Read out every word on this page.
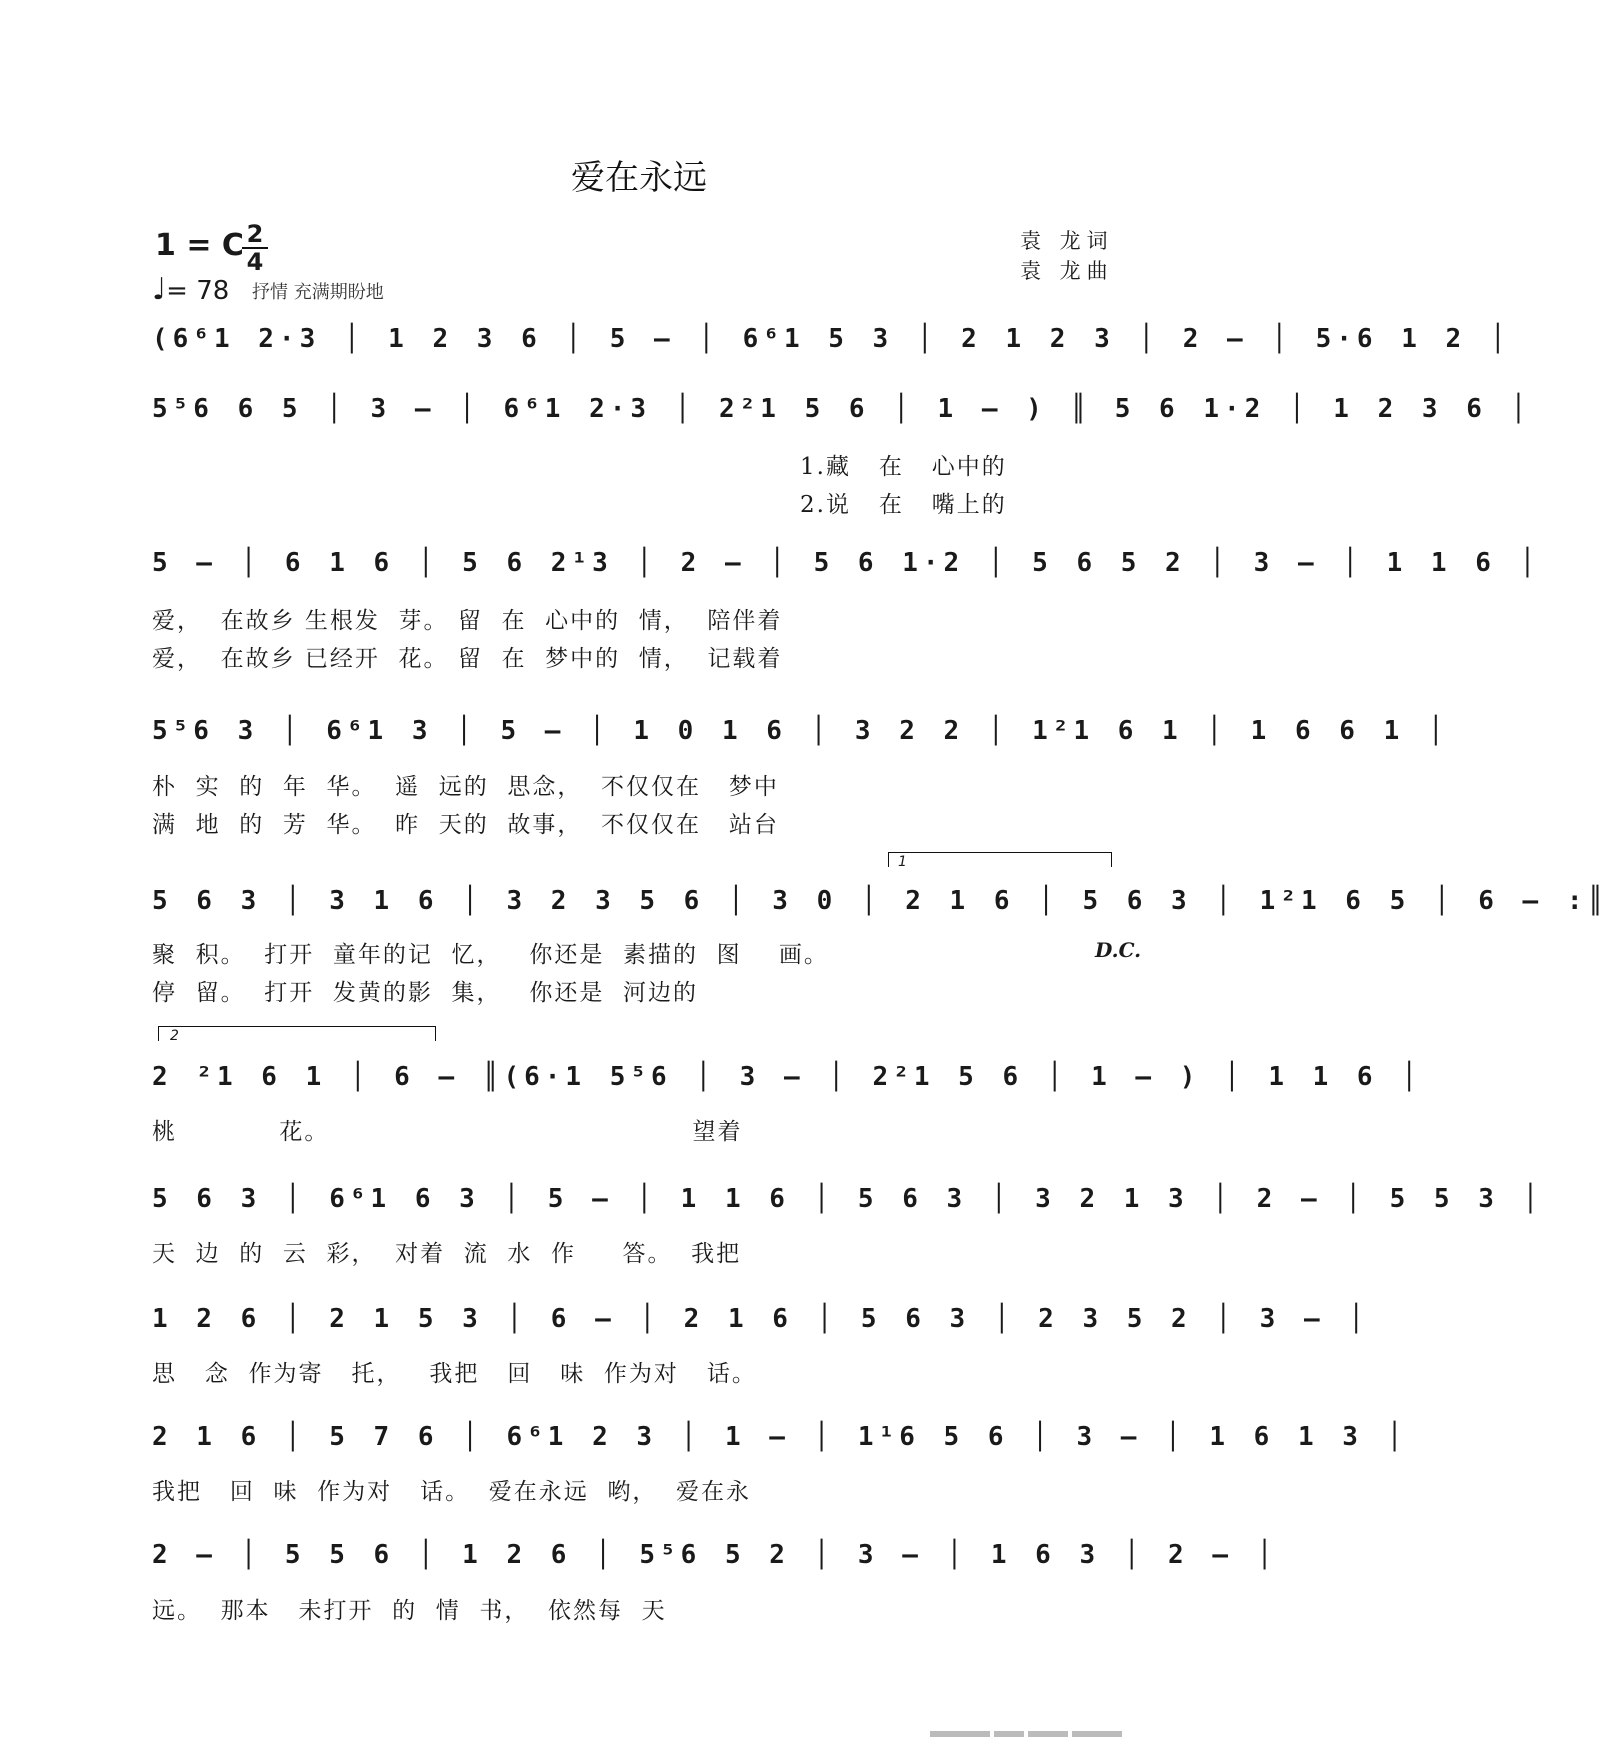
爱在永远
1 = C 2
4
♩= 78 抒情 充满期盼地
袁 龙词
袁 龙曲
(6⁶1 2·3 │ 1 2 3 6 │ 5 – │ 6⁶1 5 3 │ 2 1 2 3 │ 2 – │ 5·6 1 2 │
5⁵6 6 5 │ 3 – │ 6⁶1 2·3 │ 2²1 5 6 │ 1 – ) ║ 5 6 1·2 │ 1 2 3 6 │
1.藏   在   心中的
2.说   在   嘴上的
5 – │ 6 1 6 │ 5 6 2¹3 │ 2 – │ 5 6 1·2 │ 5 6 5 2 │ 3 – │ 1 1 6 │
爱，  在故乡 生根发  芽。 留  在  心中的  情，  陪伴着
爱，  在故乡 已经开  花。 留  在  梦中的  情，  记载着
5⁵6 3 │ 6⁶1 3 │ 5 – │ 1 0 1 6 │ 3 2 2 │ 1²1 6 1 │ 1 6 6 1 │
朴  实  的  年  华。  遥  远的  思念，  不仅仅在   梦中
满  地  的  芳  华。  昨  天的  故事，  不仅仅在   站台
1
5 6 3 │ 3 1 6 │ 3 2 3 5 6 │ 3 0 │ 2 1 6 │ 5 6 3 │ 1²1 6 5 │ 6 – :║
D.C.
聚  积。  打开  童年的记  忆，   你还是  素描的  图    画。
停  留。  打开  发黄的影  集，   你还是  河边的
2
2 ²1 6 1 │ 6 – ║(6·1 5⁵6 │ 3 – │ 2²1 5 6 │ 1 – ) │ 1 1 6 │
桃           花。                                       望着
5 6 3 │ 6⁶1 6 3 │ 5 – │ 1 1 6 │ 5 6 3 │ 3 2 1 3 │ 2 – │ 5 5 3 │
天  边  的  云  彩，  对着  流  水  作     答。  我把
1 2 6 │ 2 1 5 3 │ 6 – │ 2 1 6 │ 5 6 3 │ 2 3 5 2 │ 3 – │
思   念  作为寄   托，   我把   回   味  作为对   话。
2 1 6 │ 5 7 6 │ 6⁶1 2 3 │ 1 – │ 1¹6 5 6 │ 3 – │ 1 6 1 3 │
我把   回  味  作为对   话。  爱在永远  哟，  爱在永
2 – │ 5 5 6 │ 1 2 6 │ 5⁵6 5 2 │ 3 – │ 1 6 3 │ 2 – │
远。  那本   未打开  的  情  书，  依然每  天
